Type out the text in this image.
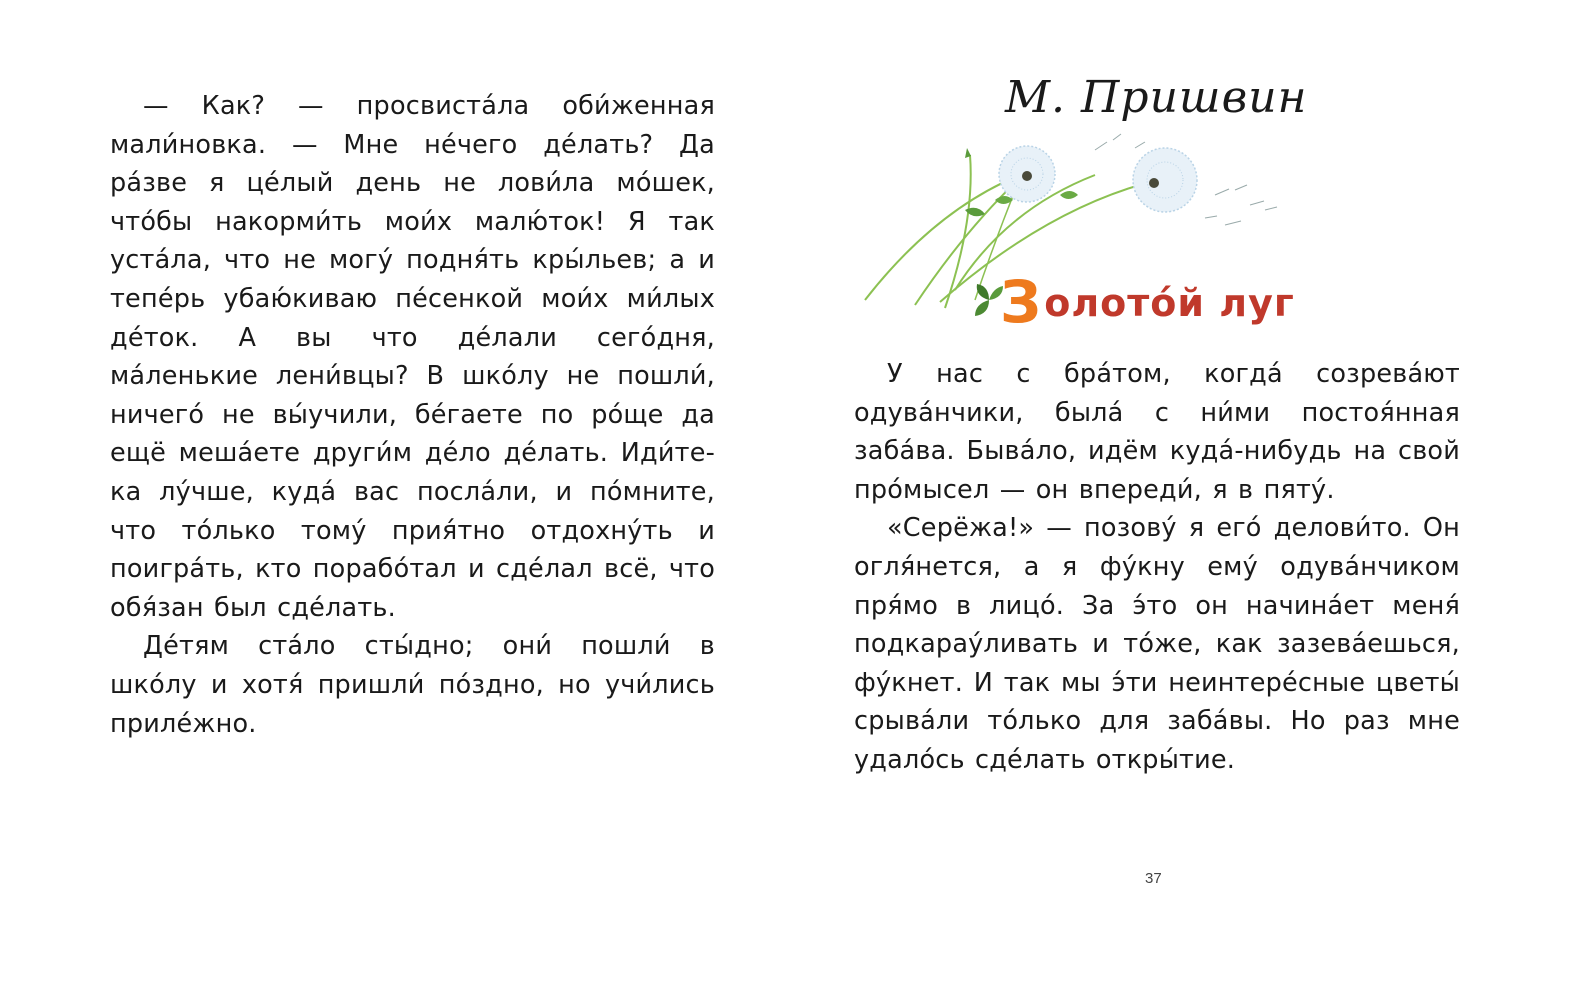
— Как? — просвиста́ла оби́женная мали́новка. — Мне не́чего де́лать? Да ра́зве я це́лый день не лови́ла мо́шек, что́бы накорми́ть мои́х малю́ток! Я так уста́ла, что не могу́ подня́ть кры́льев; а и тепе́рь убаю́киваю пе́сенкой мои́х ми́лых де́ток. А вы что де́лали сего́дня, ма́ленькие лени́вцы? В шко́лу не пошли́, ничего́ не вы́учили, бе́гаете по ро́ще да ещё меша́ете други́м де́ло де́лать. Иди́те-ка лу́чше, куда́ вас посла́ли, и по́мните, что то́лько тому́ прия́тно отдохну́ть и поигра́ть, кто порабо́тал и сде́лал всё, что обя́зан был сде́лать.

Де́тям ста́ло сты́дно; они́ пошли́ в шко́лу и хотя́ пришли́ по́здно, но учи́лись приле́жно.

М. Пришвин
Золото́й луг

У нас с бра́том, когда́ созрева́ют одува́нчики, была́ с ни́ми постоя́нная заба́ва. Быва́ло, идём куда́-нибудь на свой про́мысел — он впереди́, я в пяту́.

«Серёжа!» — позову́ я его́ делови́то. Он огля́нется, а я фу́кну ему́ одува́нчиком пря́мо в лицо́. За э́то он начина́ет меня́ подкарау́ливать и то́же, как зазева́ешься, фу́кнет. И так мы э́ти неинтере́сные цветы́ срыва́ли то́лько для заба́вы. Но раз мне удало́сь сде́лать откры́тие.

37
